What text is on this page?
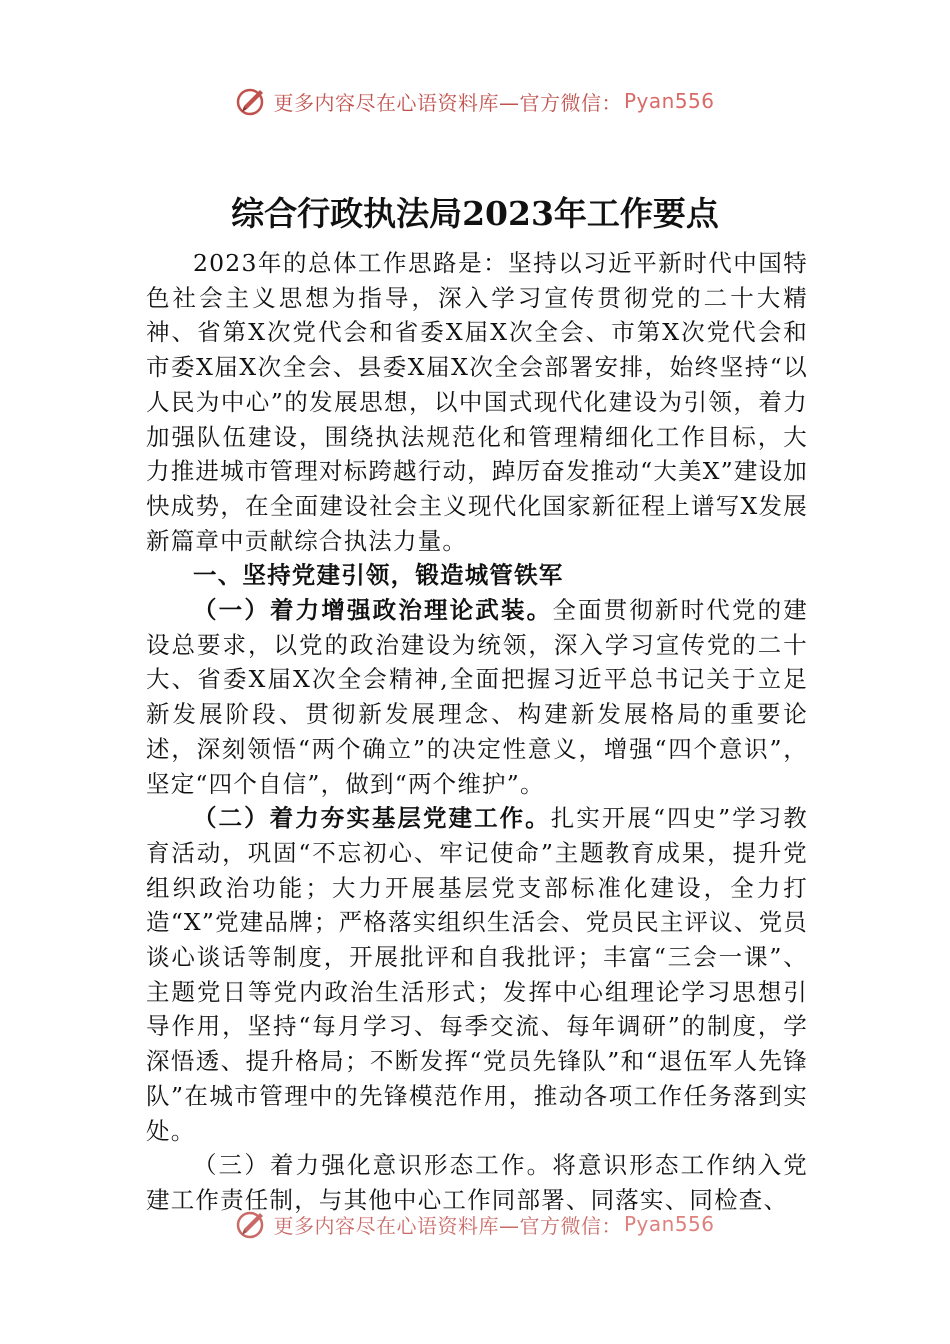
更多内容尽在心语资料库—官方微信： Pyan556
综合行政执法局2023年工作要点

2023年的总体工作思路是：坚持以习近平新时代中国特色社会主义思想为指导，深入学习宣传贯彻党的二十大精神、省第X次党代会和省委X届X次全会、市第X次党代会和市委X届X次全会、县委X届X次全会部署安排，始终坚持“以人民为中心”的发展思想，以中国式现代化建设为引领，着力加强队伍建设，围绕执法规范化和管理精细化工作目标，大力推进城市管理对标跨越行动，踔厉奋发推动“大美X”建设加快成势，在全面建设社会主义现代化国家新征程上谱写X发展新篇章中贡献综合执法力量。

一、坚持党建引领，锻造城管铁军

（一）着力增强政治理论武装。全面贯彻新时代党的建设总要求，以党的政治建设为统领，深入学习宣传党的二十大、省委X届X次全会精神,全面把握习近平总书记关于立足新发展阶段、贯彻新发展理念、构建新发展格局的重要论述，深刻领悟“两个确立”的决定性意义，增强“四个意识”，坚定“四个自信”，做到“两个维护”。

（二）着力夯实基层党建工作。扎实开展“四史”学习教育活动，巩固“不忘初心、牢记使命”主题教育成果，提升党组织政治功能；大力开展基层党支部标准化建设，全力打造“X”党建品牌；严格落实组织生活会、党员民主评议、党员谈心谈话等制度，开展批评和自我批评；丰富“三会一课”、主题党日等党内政治生活形式；发挥中心组理论学习思想引导作用，坚持“每月学习、每季交流、每年调研”的制度，学深悟透、提升格局；不断发挥“党员先锋队”和“退伍军人先锋队”在城市管理中的先锋模范作用，推动各项工作任务落到实处。

（三）着力强化意识形态工作。将意识形态工作纳入党建工作责任制，与其他中心工作同部署、同落实、同检查、

更多内容尽在心语资料库—官方微信： Pyan556
